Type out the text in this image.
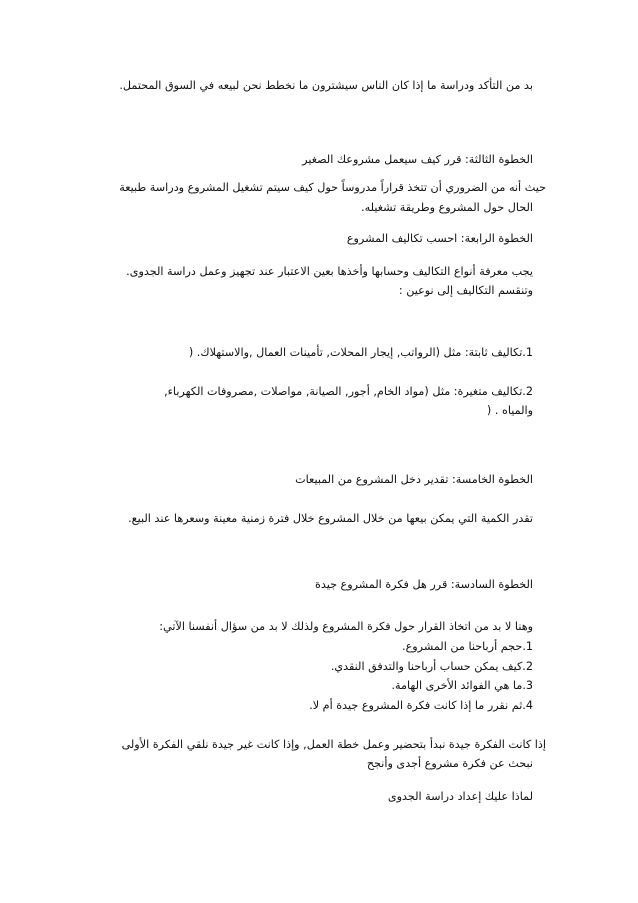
بد من التأكد ودراسة ما إذا كان الناس سيشترون ما نخطط نحن لبيعه في السوق المحتمل.
الخطوة الثالثة: قرر كيف سيعمل مشروعك الصغير
حيث أنه من الضروري أن تتخذ قراراً مدروساً حول كيف سيتم تشغيل المشروع ودراسة طبيعة
الحال حول المشروع وطريقة تشغيله.
الخطوة الرابعة: احسب تكاليف المشروع
يجب معرفة أنواع التكاليف وحسابها وأخذها بعين الاعتبار عند تجهيز وعمل دراسة الجدوى.
وتنقسم التكاليف إلى نوعين :
1.تكاليف ثابتة: مثل (الرواتب, إيجار المحلات, تأمينات العمال ,والاستهلاك. (
2.تكاليف متغيرة: مثل (مواد الخام, أجور, الصيانة, مواصلات ,مصروفات الكهرباء,
والمياه . (
الخطوة الخامسة: تقدير دخل المشروع من المبيعات
تقدر الكمية التي يمكن بيعها من خلال المشروع خلال فترة زمنية معينة وسعرها عند البيع.
الخطوة السادسة: قرر هل فكرة المشروع جيدة
وهنا لا بد من اتخاذ القرار حول فكرة المشروع ولذلك لا بد من سؤال أنفسنا الآتي:
1.حجم أرباحنا من المشروع.
2.كيف يمكن حساب أرباحنا والتدفق النقدي.
3.ما هي الفوائد الأخرى الهامة.
4.ثم نقرر ما إذا كانت فكرة المشروع جيدة أم لا.
إذا كانت الفكرة جيدة نبدأ بتحضير وعمل خطة العمل, وإذا كانت غير جيدة نلقي الفكرة الأولى
نبحث عن فكرة مشروع أجدى وأنجح
لماذا عليك إعداد دراسة الجدوى
